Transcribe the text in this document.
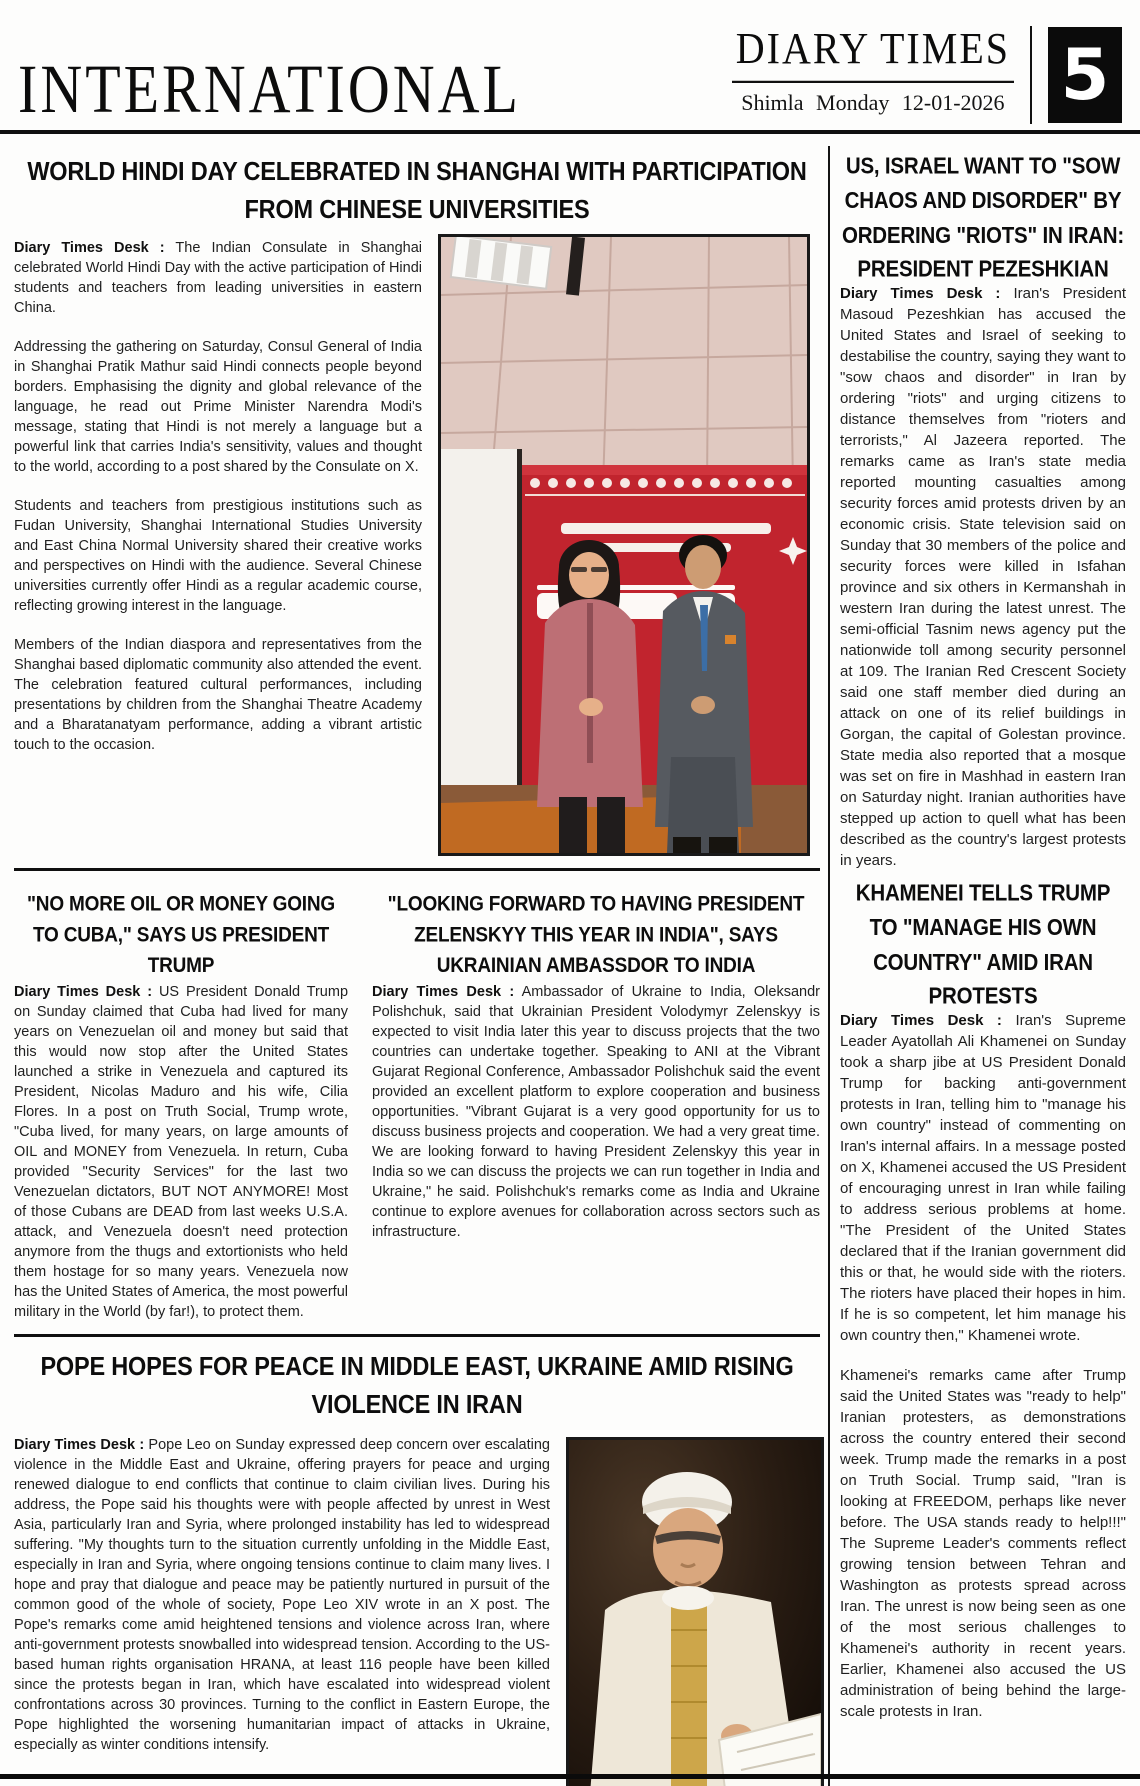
INTERNATIONAL
DIARY TIMES
Shimla Monday 12-01-2026 5
WORLD HINDI DAY CELEBRATED IN SHANGHAI WITH PARTICIPATION FROM CHINESE UNIVERSITIES

Diary Times Desk : The Indian Consulate in Shanghai celebrated World Hindi Day with the active participation of Hindi students and teachers from leading universities in eastern China.

Addressing the gathering on Saturday, Consul General of India in Shanghai Pratik Mathur said Hindi connects people beyond borders. Emphasising the dignity and global relevance of the language, he read out Prime Minister Narendra Modi's message, stating that Hindi is not merely a language but a powerful link that carries India's sensitivity, values and thought to the world, according to a post shared by the Consulate on X.

Students and teachers from prestigious institutions such as Fudan University, Shanghai International Studies University and East China Normal University shared their creative works and perspectives on Hindi with the audience. Several Chinese universities currently offer Hindi as a regular academic course, reflecting growing interest in the language.

Members of the Indian diaspora and representatives from the Shanghai based diplomatic community also attended the event. The celebration featured cultural performances, including presentations by children from the Shanghai Theatre Academy and a Bharatanatyam performance, adding a vibrant artistic touch to the occasion.

"NO MORE OIL OR MONEY GOING TO CUBA," SAYS US PRESIDENT TRUMP

Diary Times Desk : US President Donald Trump on Sunday claimed that Cuba had lived for many years on Venezuelan oil and money but said that this would now stop after the United States launched a strike in Venezuela and captured its President, Nicolas Maduro and his wife, Cilia Flores. In a post on Truth Social, Trump wrote, "Cuba lived, for many years, on large amounts of OIL and MONEY from Venezuela. In return, Cuba provided "Security Services" for the last two Venezuelan dictators, BUT NOT ANYMORE! Most of those Cubans are DEAD from last weeks U.S.A. attack, and Venezuela doesn't need protection anymore from the thugs and extortionists who held them hostage for so many years. Venezuela now has the United States of America, the most powerful military in the World (by far!), to protect them.

"LOOKING FORWARD TO HAVING PRESIDENT ZELENSKYY THIS YEAR IN INDIA", SAYS UKRAINIAN AMBASSDOR TO INDIA

Diary Times Desk : Ambassador of Ukraine to India, Oleksandr Polishchuk, said that Ukrainian President Volodymyr Zelenskyy is expected to visit India later this year to discuss projects that the two countries can undertake together. Speaking to ANI at the Vibrant Gujarat Regional Conference, Ambassador Polishchuk said the event provided an excellent platform to explore cooperation and business opportunities. "Vibrant Gujarat is a very good opportunity for us to discuss business projects and cooperation. We had a very great time. We are looking forward to having President Zelenskyy this year in India so we can discuss the projects we can run together in India and Ukraine," he said. Polishchuk's remarks come as India and Ukraine continue to explore avenues for collaboration across sectors such as infrastructure.

POPE HOPES FOR PEACE IN MIDDLE EAST, UKRAINE AMID RISING VIOLENCE IN IRAN

Diary Times Desk : Pope Leo on Sunday expressed deep concern over escalating violence in the Middle East and Ukraine, offering prayers for peace and urging renewed dialogue to end conflicts that continue to claim civilian lives. During his address, the Pope said his thoughts were with people affected by unrest in West Asia, particularly Iran and Syria, where prolonged instability has led to widespread suffering. "My thoughts turn to the situation currently unfolding in the Middle East, especially in Iran and Syria, where ongoing tensions continue to claim many lives. I hope and pray that dialogue and peace may be patiently nurtured in pursuit of the common good of the whole of society, Pope Leo XIV wrote in an X post. The Pope's remarks come amid heightened tensions and violence across Iran, where anti-government protests snowballed into widespread tension. According to the US-based human rights organisation HRANA, at least 116 people have been killed since the protests began in Iran, which have escalated into widespread violent confrontations across 30 provinces. Turning to the conflict in Eastern Europe, the Pope highlighted the worsening humanitarian impact of attacks in Ukraine, especially as winter conditions intensify.

US, ISRAEL WANT TO "SOW CHAOS AND DISORDER" BY ORDERING "RIOTS" IN IRAN: PRESIDENT PEZESHKIAN

Diary Times Desk : Iran's President Masoud Pezeshkian has accused the United States and Israel of seeking to destabilise the country, saying they want to "sow chaos and disorder" in Iran by ordering "riots" and urging citizens to distance themselves from "rioters and terrorists," Al Jazeera reported. The remarks came as Iran's state media reported mounting casualties among security forces amid protests driven by an economic crisis. State television said on Sunday that 30 members of the police and security forces were killed in Isfahan province and six others in Kermanshah in western Iran during the latest unrest. The semi-official Tasnim news agency put the nationwide toll among security personnel at 109. The Iranian Red Crescent Society said one staff member died during an attack on one of its relief buildings in Gorgan, the capital of Golestan province. State media also reported that a mosque was set on fire in Mashhad in eastern Iran on Saturday night. Iranian authorities have stepped up action to quell what has been described as the country's largest protests in years.

KHAMENEI TELLS TRUMP TO "MANAGE HIS OWN COUNTRY" AMID IRAN PROTESTS

Diary Times Desk : Iran's Supreme Leader Ayatollah Ali Khamenei on Sunday took a sharp jibe at US President Donald Trump for backing anti-government protests in Iran, telling him to "manage his own country" instead of commenting on Iran's internal affairs. In a message posted on X, Khamenei accused the US President of encouraging unrest in Iran while failing to address serious problems at home. "The President of the United States declared that if the Iranian government did this or that, he would side with the rioters. The rioters have placed their hopes in him. If he is so competent, let him manage his own country then," Khamenei wrote.

Khamenei's remarks came after Trump said the United States was "ready to help" Iranian protesters, as demonstrations across the country entered their second week. Trump made the remarks in a post on Truth Social. Trump said, "Iran is looking at FREEDOM, perhaps like never before. The USA stands ready to help!!!" The Supreme Leader's comments reflect growing tension between Tehran and Washington as protests spread across Iran. The unrest is now being seen as one of the most serious challenges to Khamenei's authority in recent years. Earlier, Khamenei also accused the US administration of being behind the large-scale protests in Iran.
